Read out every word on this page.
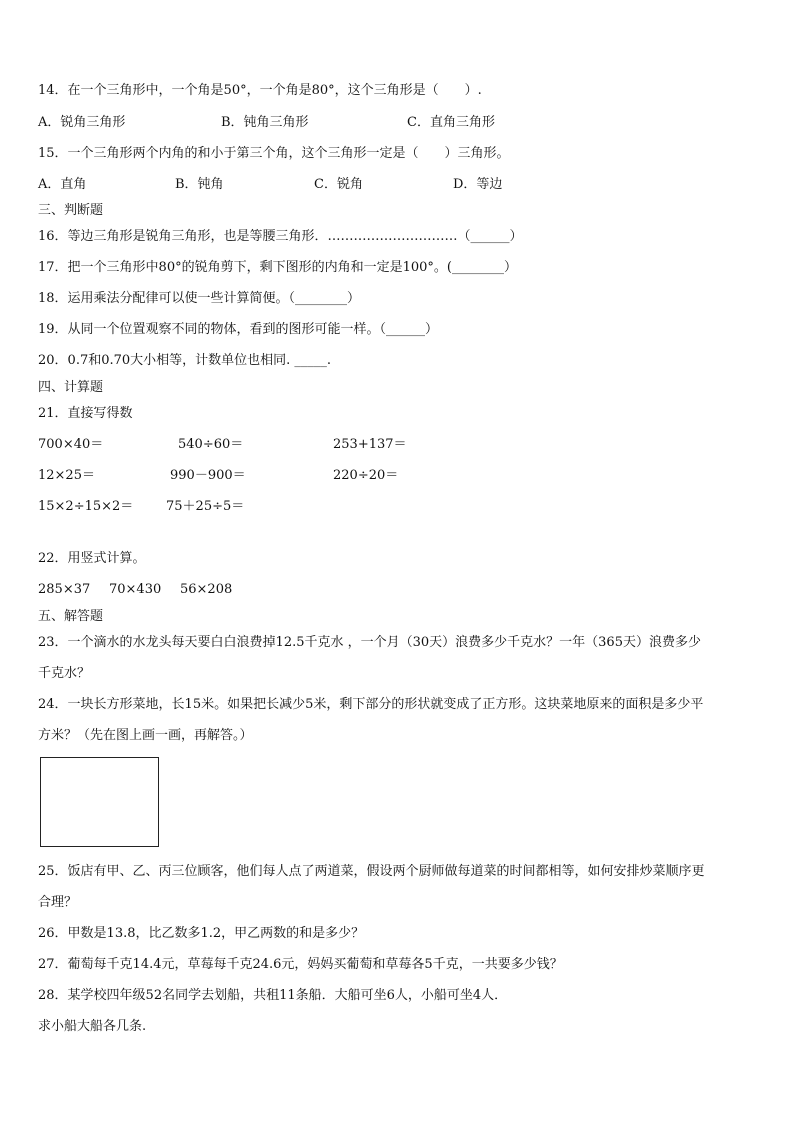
14．在一个三角形中，一个角是50°，一个角是80°，这个三角形是（　　）.
A．锐角三角形	B．钝角三角形	C．直角三角形
15．一个三角形两个内角的和小于第三个角，这个三角形一定是（　　）三角形。
A．直角	B．钝角	C．锐角	D．等边
三、判断题
16．等边三角形是锐角三角形，也是等腰三角形．…………………………（______）
17．把一个三角形中80°的锐角剪下，剩下图形的内角和一定是100°。(________）
18．运用乘法分配律可以使一些计算简便。（________）
19．从同一个位置观察不同的物体，看到的图形可能一样。（______）
20．0.7和0.70大小相等，计数单位也相同. _____.
四、计算题
21．直接写得数
700×40＝	540÷60＝	253+137＝
12×25＝	990－900＝	220÷20＝
15×2÷15×2＝	75＋25÷5＝
22．用竖式计算。
285×37 70×430 56×208
五、解答题
23．一个滴水的水龙头每天要白白浪费掉12.5千克水 ，一个月（30天）浪费多少千克水？一年（365天）浪费多少
千克水？
24．一块长方形菜地，长15米。如果把长减少5米，剩下部分的形状就变成了正方形。这块菜地原来的面积是多少平
方米？（先在图上画一画，再解答。）
25．饭店有甲、乙、丙三位顾客，他们每人点了两道菜，假设两个厨师做每道菜的时间都相等，如何安排炒菜顺序更
合理？
26．甲数是13.8，比乙数多1.2，甲乙两数的和是多少？
27．葡萄每千克14.4元，草莓每千克24.6元，妈妈买葡萄和草莓各5千克，一共要多少钱？
28．某学校四年级52名同学去划船，共租11条船．大船可坐6人，小船可坐4人．
求小船大船各几条.
